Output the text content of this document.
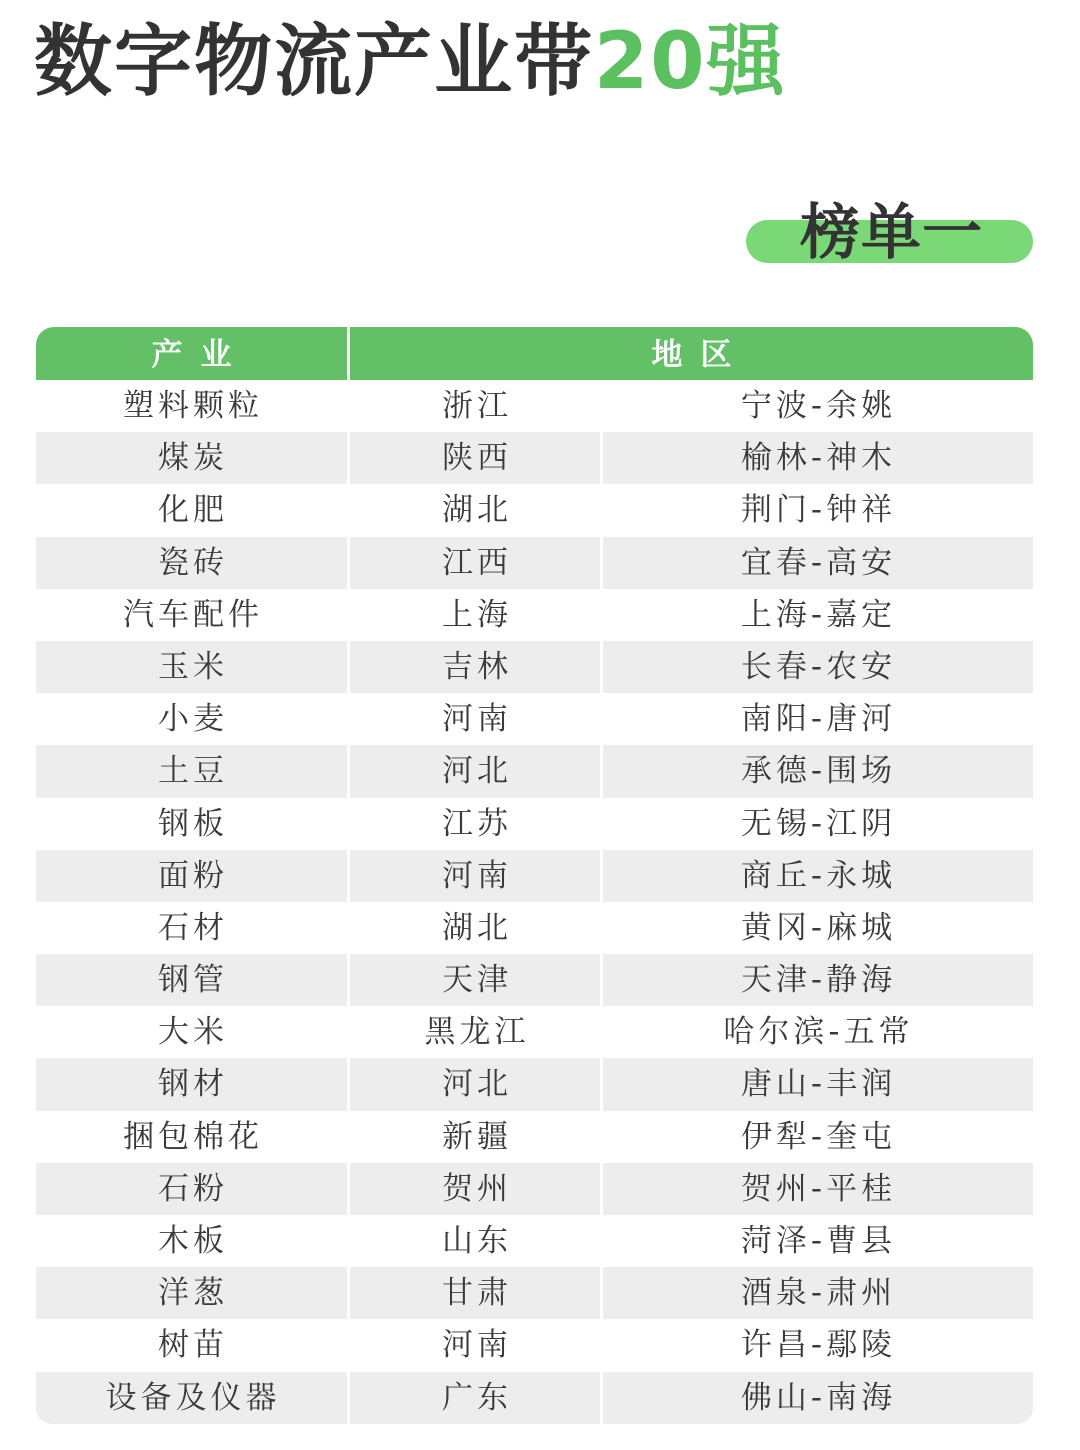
数字物流产业带20强
榜单一
产业	地区
塑料颗粒	浙江	宁波-余姚
煤炭	陕西	榆林-神木
化肥	湖北	荆门-钟祥
瓷砖	江西	宜春-高安
汽车配件	上海	上海-嘉定
玉米	吉林	长春-农安
小麦	河南	南阳-唐河
土豆	河北	承德-围场
钢板	江苏	无锡-江阴
面粉	河南	商丘-永城
石材	湖北	黄冈-麻城
钢管	天津	天津-静海
大米	黑龙江	哈尔滨-五常
钢材	河北	唐山-丰润
捆包棉花	新疆	伊犁-奎屯
石粉	贺州	贺州-平桂
木板	山东	菏泽-曹县
洋葱	甘肃	酒泉-肃州
树苗	河南	许昌-鄢陵
设备及仪器	广东	佛山-南海
